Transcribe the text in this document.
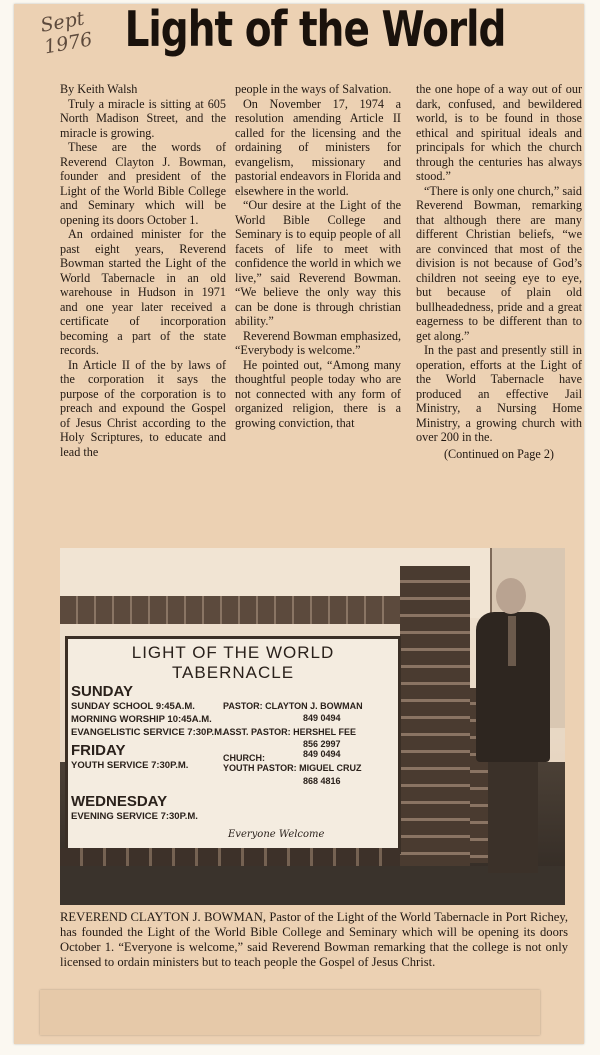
Sept
1976 Light of the World

By Keith Walsh

Truly a miracle is sitting at 605 North Madison Street, and the miracle is growing.

These are the words of Reverend Clayton J. Bowman, founder and president of the Light of the World Bible College and Seminary which will be opening its doors October 1.

An ordained minister for the past eight years, Reverend Bowman started the Light of the World Tabernacle in an old warehouse in Hudson in 1971 and one year later received a certificate of incorporation becoming a part of the state records.

In Article II of the by laws of the corporation it says the purpose of the corporation is to preach and expound the Gospel of Jesus Christ according to the Holy Scriptures, to educate and lead the

people in the ways of Salvation.

On November 17, 1974 a resolution amending Article II called for the licensing and the ordaining of ministers for evangelism, missionary and pastorial endeavors in Florida and elsewhere in the world.

“Our desire at the Light of the World Bible College and Seminary is to equip people of all facets of life to meet with confidence the world in which we live,” said Reverend Bowman. “We believe the only way this can be done is through christian ability.”

Reverend Bowman emphasized, “Everybody is welcome.”

He pointed out, “Among many thoughtful people today who are not connected with any form of organized religion, there is a growing conviction, that

the one hope of a way out of our dark, confused, and bewildered world, is to be found in those ethical and spiritual ideals and principals for which the church through the centuries has always stood.”

“There is only one church,” said Reverend Bowman, remarking that although there are many different Christian beliefs, “we are convinced that most of the division is not because of God’s children not seeing eye to eye, but because of plain old bullheadedness, pride and a great eagerness to be different than to get along.”

In the past and presently still in operation, efforts at the Light of the World Tabernacle have produced an effective Jail Ministry, a Nursing Home Ministry, a growing church with over 200 in the.

(Continued on Page 2)

LIGHT OF THE WORLD
TABERNACLE
SUNDAY
SUNDAY SCHOOL 9:45A.M.
MORNING WORSHIP 10:45A.M.
EVANGELISTIC SERVICE 7:30P.M.
FRIDAY
YOUTH SERVICE 7:30P.M.
WEDNESDAY
EVENING SERVICE 7:30P.M.
PASTOR: CLAYTON J. BOWMAN
849 0494
ASST. PASTOR: HERSHEL FEE
856 2997
CHURCH:	849 0494
YOUTH PASTOR: MIGUEL CRUZ
868 4816
Everyone Welcome
REVEREND CLAYTON J. BOWMAN, Pastor of the Light of the World Tabernacle in Port Richey, has founded the Light of the World Bible College and Seminary which will be opening its doors October 1. “Everyone is welcome,” said Reverend Bowman remarking that the college is not only licensed to ordain ministers but to teach people the Gospel of Jesus Christ.
